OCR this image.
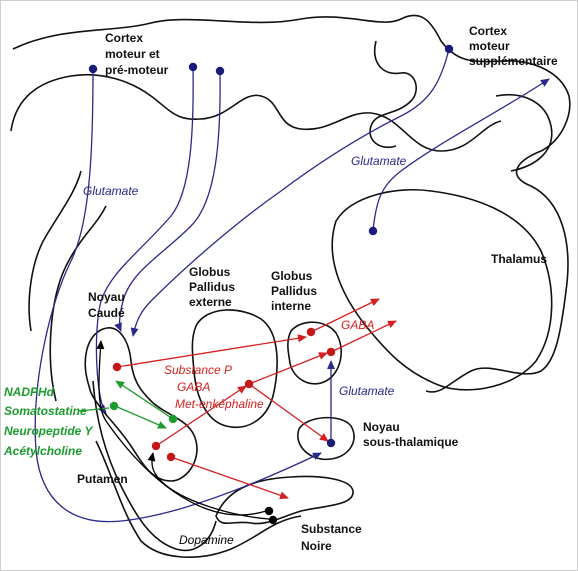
Cortex moteur et pré-moteur
Cortex moteur supplémentaire
Thalamus
Globus Pallidus externe
Globus Pallidus interne
Noyau Caudé
Putamen
Noyau sous-thalamique
Substance Noire
Glutamate
Glutamate
Glutamate
GABA
Substance P GABA Met-enképhaline
Dopamine
NADPHd Somatostatine Neuropeptide Y Acétylcholine
